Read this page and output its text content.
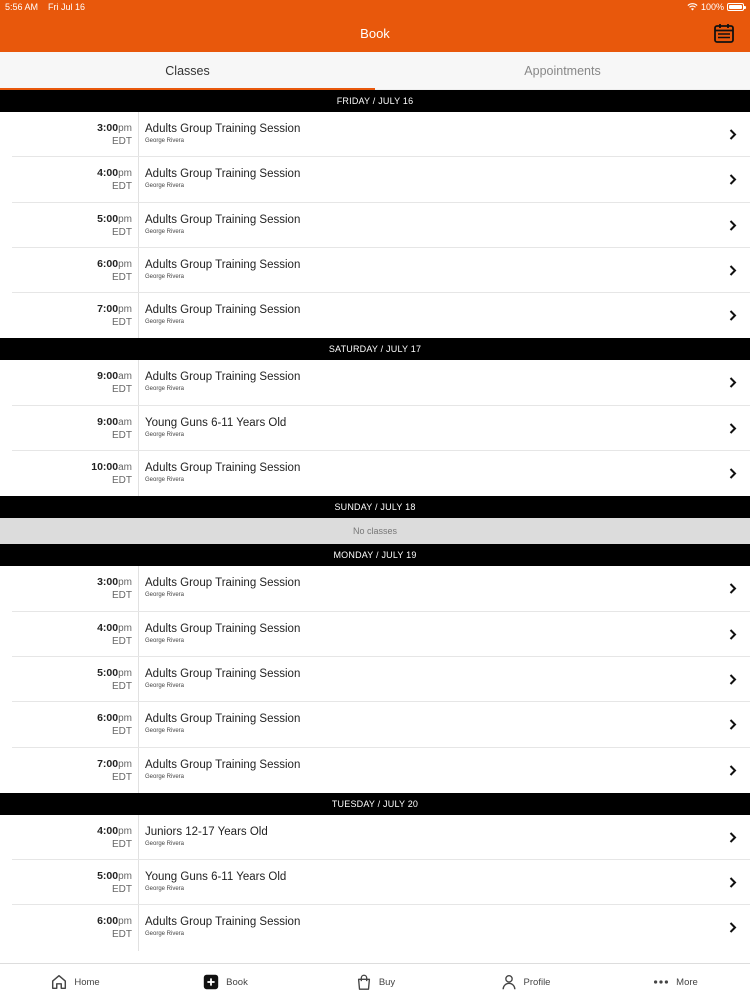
5:56 AM Fri Jul 16	100%
Book
Classes	Appointments
FRIDAY / JULY 16
3:00pm
EDT
Adults Group Training Session
George Rivera
4:00pm
EDT
Adults Group Training Session
George Rivera
5:00pm
EDT
Adults Group Training Session
George Rivera
6:00pm
EDT
Adults Group Training Session
George Rivera
7:00pm
EDT
Adults Group Training Session
George Rivera
SATURDAY / JULY 17
9:00am
EDT
Adults Group Training Session
George Rivera
9:00am
EDT
Young Guns 6-11 Years Old
George Rivera
10:00am
EDT
Adults Group Training Session
George Rivera
SUNDAY / JULY 18
No classes
MONDAY / JULY 19
3:00pm
EDT
Adults Group Training Session
George Rivera
4:00pm
EDT
Adults Group Training Session
George Rivera
5:00pm
EDT
Adults Group Training Session
George Rivera
6:00pm
EDT
Adults Group Training Session
George Rivera
7:00pm
EDT
Adults Group Training Session
George Rivera
TUESDAY / JULY 20
4:00pm
EDT
Juniors 12-17 Years Old
George Rivera
5:00pm
EDT
Young Guns 6-11 Years Old
George Rivera
6:00pm
EDT
Adults Group Training Session
George Rivera
Home	Book	Buy	Profile	More
